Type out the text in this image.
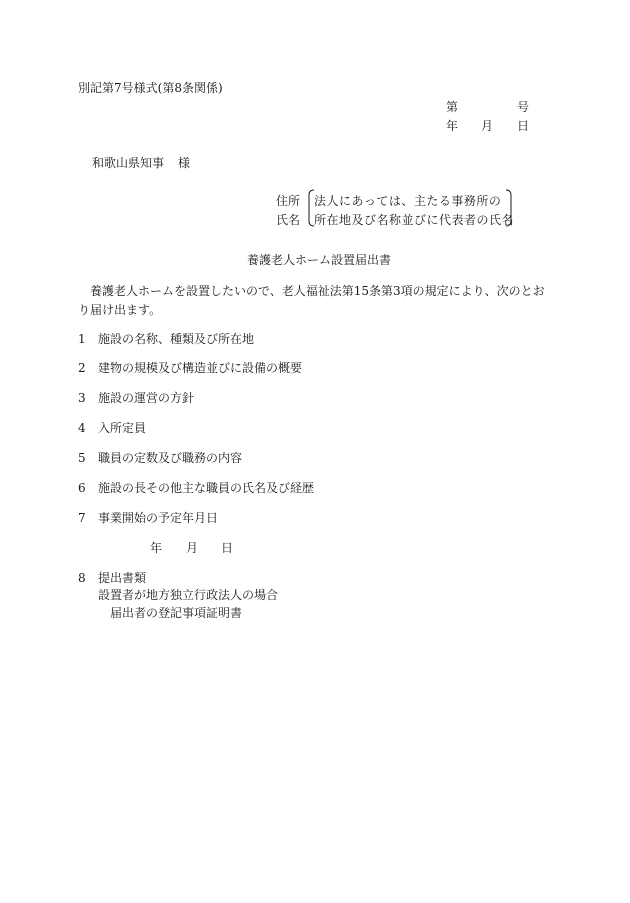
別記第7号様式(第8条関係)
第	号
年 月 日
和歌山県知事 様
住所
氏名
法人にあっては、主たる事務所の
所在地及び名称並びに代表者の氏名
養護老人ホーム設置届出書
養護老人ホームを設置したいので、老人福祉法第15条第3項の規定により、次のとおり届け出ます。
1 施設の名称、種類及び所在地
2 建物の規模及び構造並びに設備の概要
3 施設の運営の方針
4 入所定員
5 職員の定数及び職務の内容
6 施設の長その他主な職員の氏名及び経歴
7 事業開始の予定年月日
年 月 日
8 提出書類
設置者が地方独立行政法人の場合
届出者の登記事項証明書
